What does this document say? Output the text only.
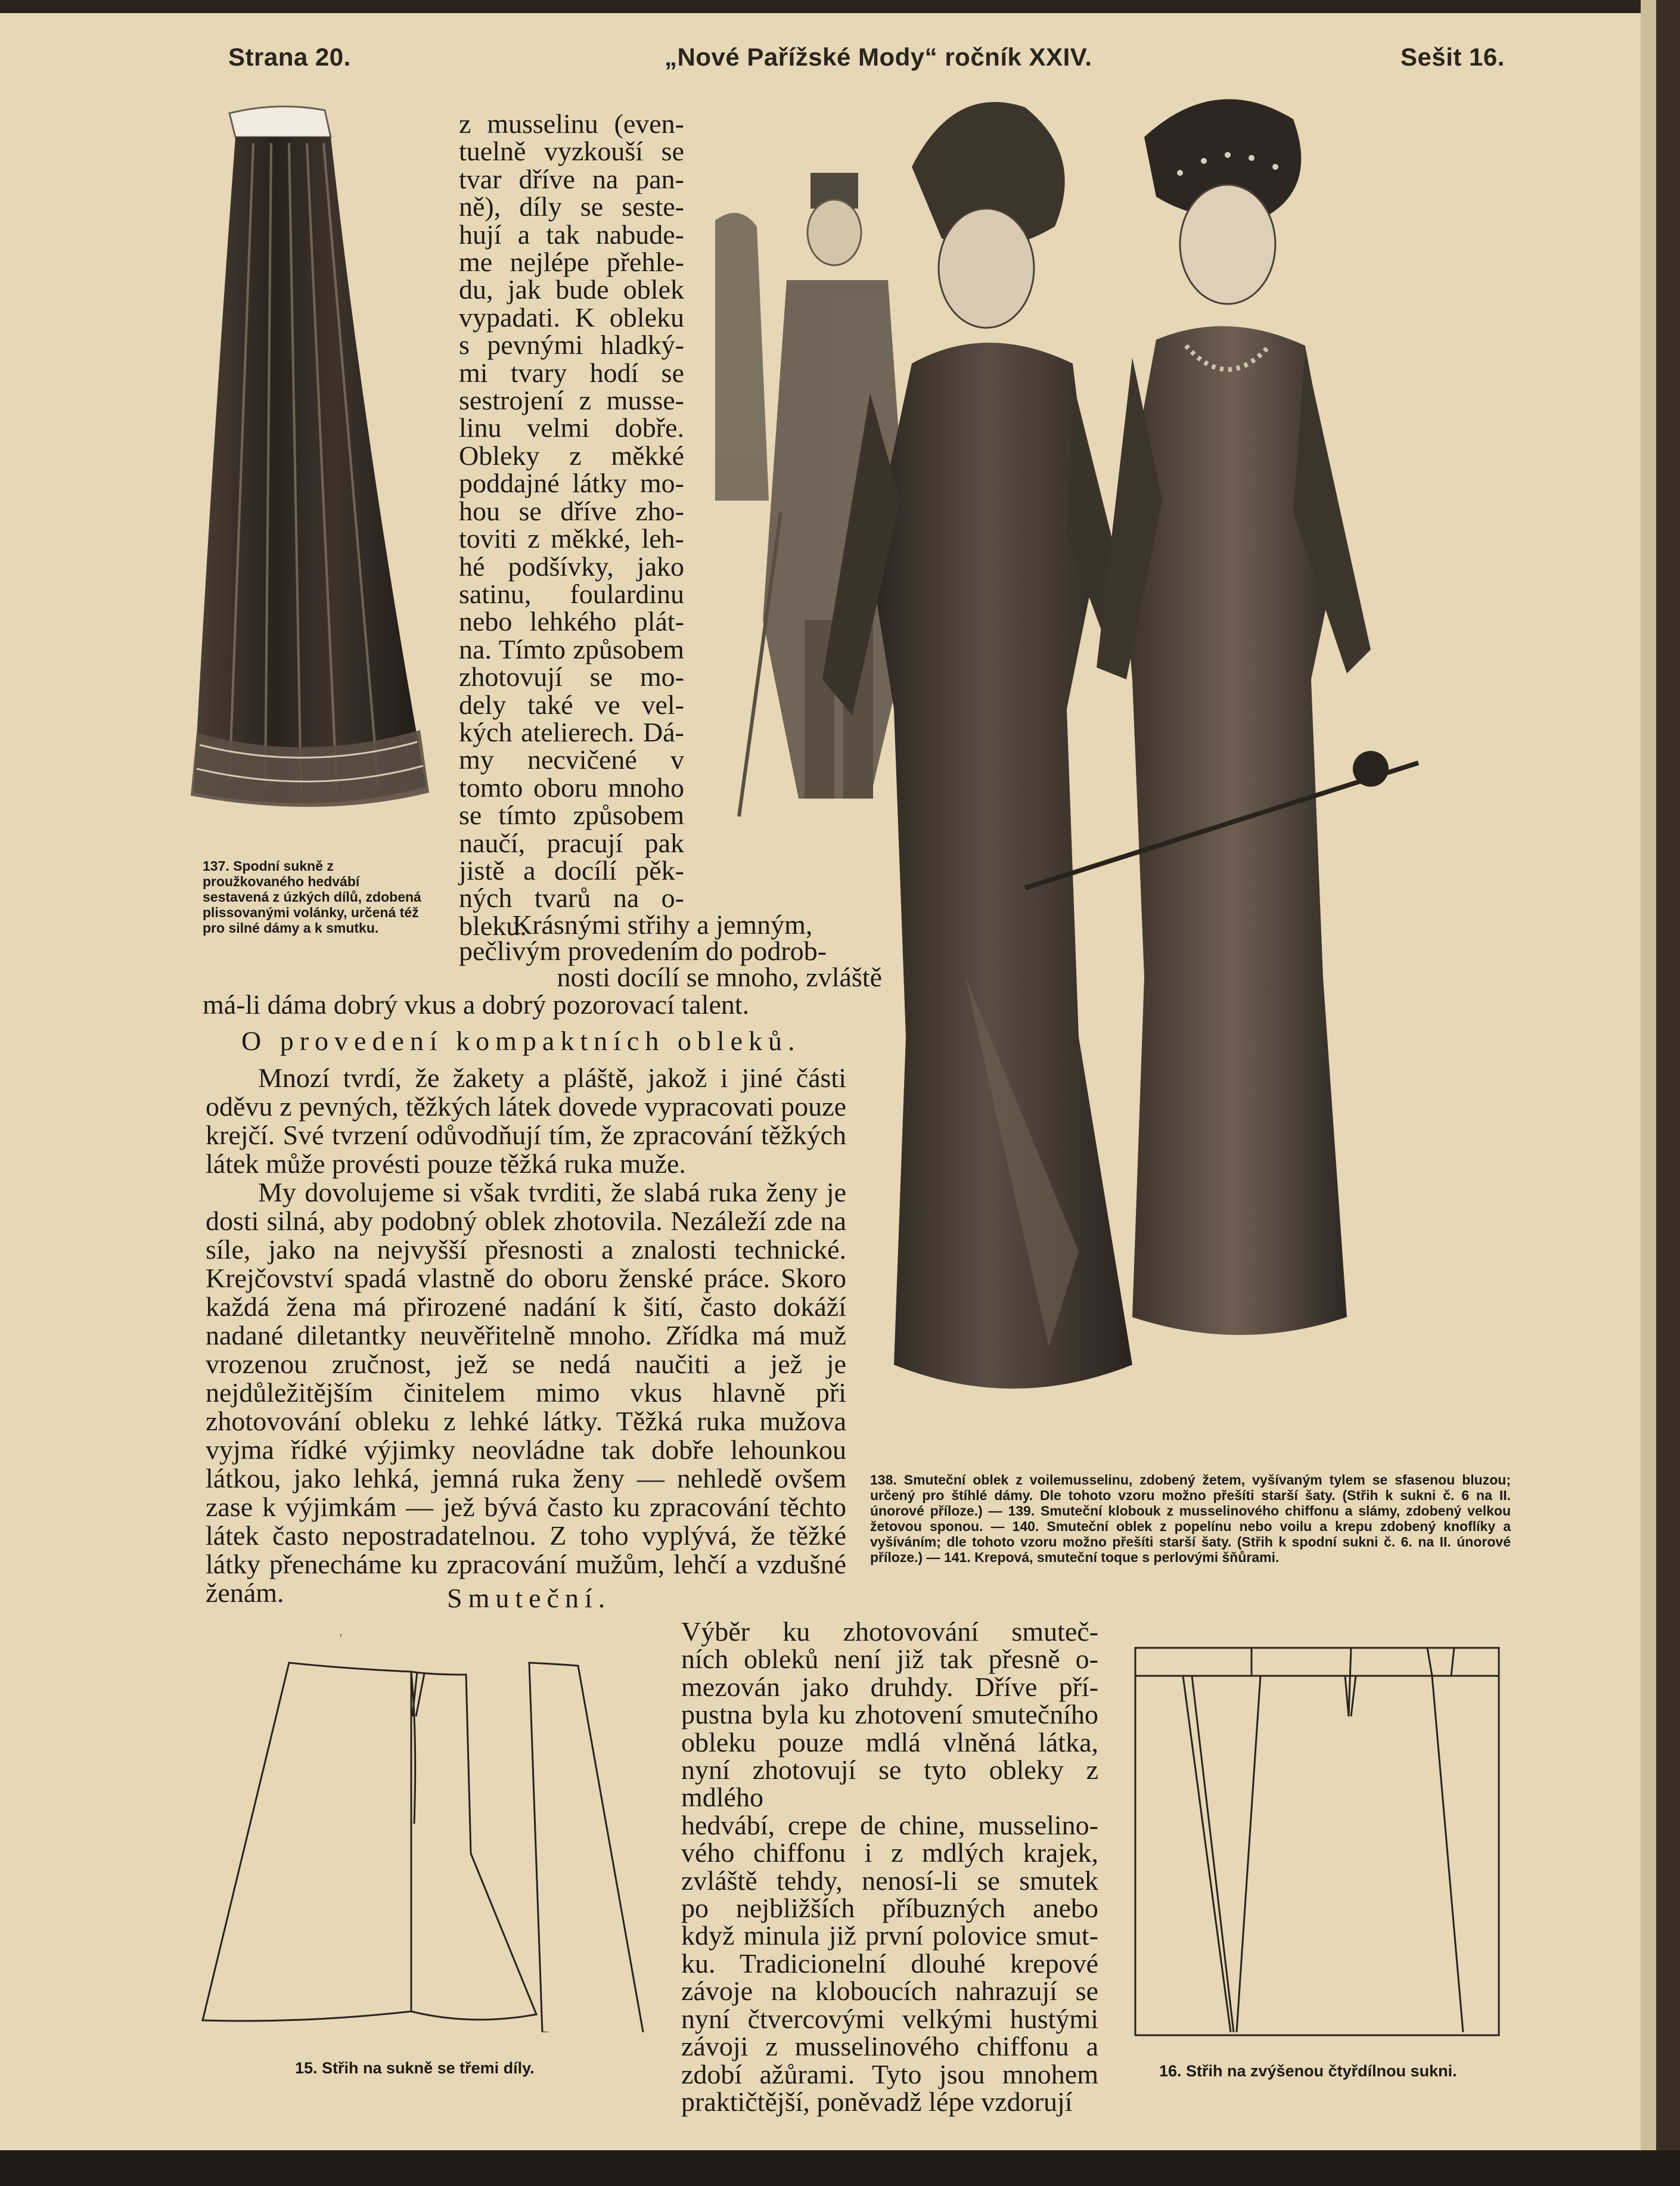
Strana 20.	„Nové Pařížské Mody“ ročník XXIV.	Sešit 16.
137. Spodní sukně z proužkovaného hedvábí sestavená z úzkých dílů, zdobená plissovanými volánky, určená též pro silné dámy a k smutku.

z musselinu (even-

tuelně vyzkouší se

tvar dříve na pan-

ně), díly se seste-

hují a tak nabude-

me nejlépe přehle-

du, jak bude oblek

vypadati. K obleku

s pevnými hladký-

mi tvary hodí se

sestrojení z musse-

linu velmi dobře.

Obleky z měkké

poddajné látky mo-

hou se dříve zho-

toviti z měkké, leh-

hé podšívky, jako

satinu, foulardinu

nebo lehkého plát-

na. Tímto způsobem

zhotovují se mo-

dely také ve vel-

kých atelierech. Dá-

my necvičené v

tomto oboru mnoho

se tímto způsobem

naučí, pracují pak

jistě a docílí pěk-

ných tvarů na o-

bleku.

Krásnými střihy a jemným,

pečlivým provedením do podrob-

nosti docílí se mnoho, zvláště

má-li dáma dobrý vkus a dobrý pozorovací talent.
O provedení kompaktních obleků.

Mnozí tvrdí, že žakety a pláště, jakož i jiné části oděvu z pevných, těžkých látek dovede vypracovati pouze krejčí. Své tvrzení odůvodňují tím, že zpracování těžkých látek může provésti pouze těžká ruka muže.

My dovolujeme si však tvrditi, že slabá ruka ženy je dosti silná, aby podobný oblek zhotovila. Nezáleží zde na síle, jako na nejvyšší přesnosti a znalosti technické. Krejčovství spadá vlastně do oboru ženské práce. Skoro každá žena má přirozené nadání k šití, často dokáží nadané diletantky neuvěřitelně mnoho. Zřídka má muž vrozenou zručnost, jež se nedá naučiti a jež je nejdůležitějším činitelem mimo vkus hlavně při zhotovování obleku z lehké látky. Těžká ruka mužova vyjma řídké výjimky neovládne tak dobře lehounkou látkou, jako lehká, jemná ruka ženy — nehledě ovšem zase k výjimkám — jež bývá často ku zpracování těchto látek často nepostradatelnou. Z toho vyplývá, že těžké látky přenecháme ku zpracování mužům, lehčí a vzdušné ženám.	Smuteční.
138. Smuteční oblek z voilemusselinu, zdobený žetem, vyšívaným tylem se sfasenou bluzou; určený pro štíhlé dámy. Dle tohoto vzoru možno přešíti starší šaty. (Střih k sukni č. 6 na II. únorové příloze.) — 139. Smuteční klobouk z musselinového chiffonu a slámy, zdobený velkou žetovou sponou. — 140. Smuteční oblek z popelínu nebo voilu a krepu zdobený knoflíky a vyšíváním; dle tohoto vzoru možno přešíti starší šaty. (Střih k spodní sukni č. 6. na II. únorové příloze.) — 141. Krepová, smuteční toque s perlovými šňůrami.

Výběr ku zhotovování smuteč-

ních obleků není již tak přesně o-

mezován jako druhdy. Dříve pří-

pustna byla ku zhotovení smutečního

obleku pouze mdlá vlněná látka,

nyní zhotovují se tyto obleky z mdlého

hedvábí, crepe de chine, musselino-

vého chiffonu i z mdlých krajek,

zvláště tehdy, nenosí-li se smutek

po nejbližších příbuzných anebo

když minula již první polovice smut-

ku. Tradicionelní dlouhé krepové

závoje na kloboucích nahrazují se

nyní čtvercovými velkými hustými

závoji z musselinového chiffonu a

zdobí ažůrami. Tyto jsou mnohem

praktičtější, poněvadž lépe vzdorují

'
15. Střih na sukně se třemi díly.	16. Střih na zvýšenou čtyřdílnou sukni.
